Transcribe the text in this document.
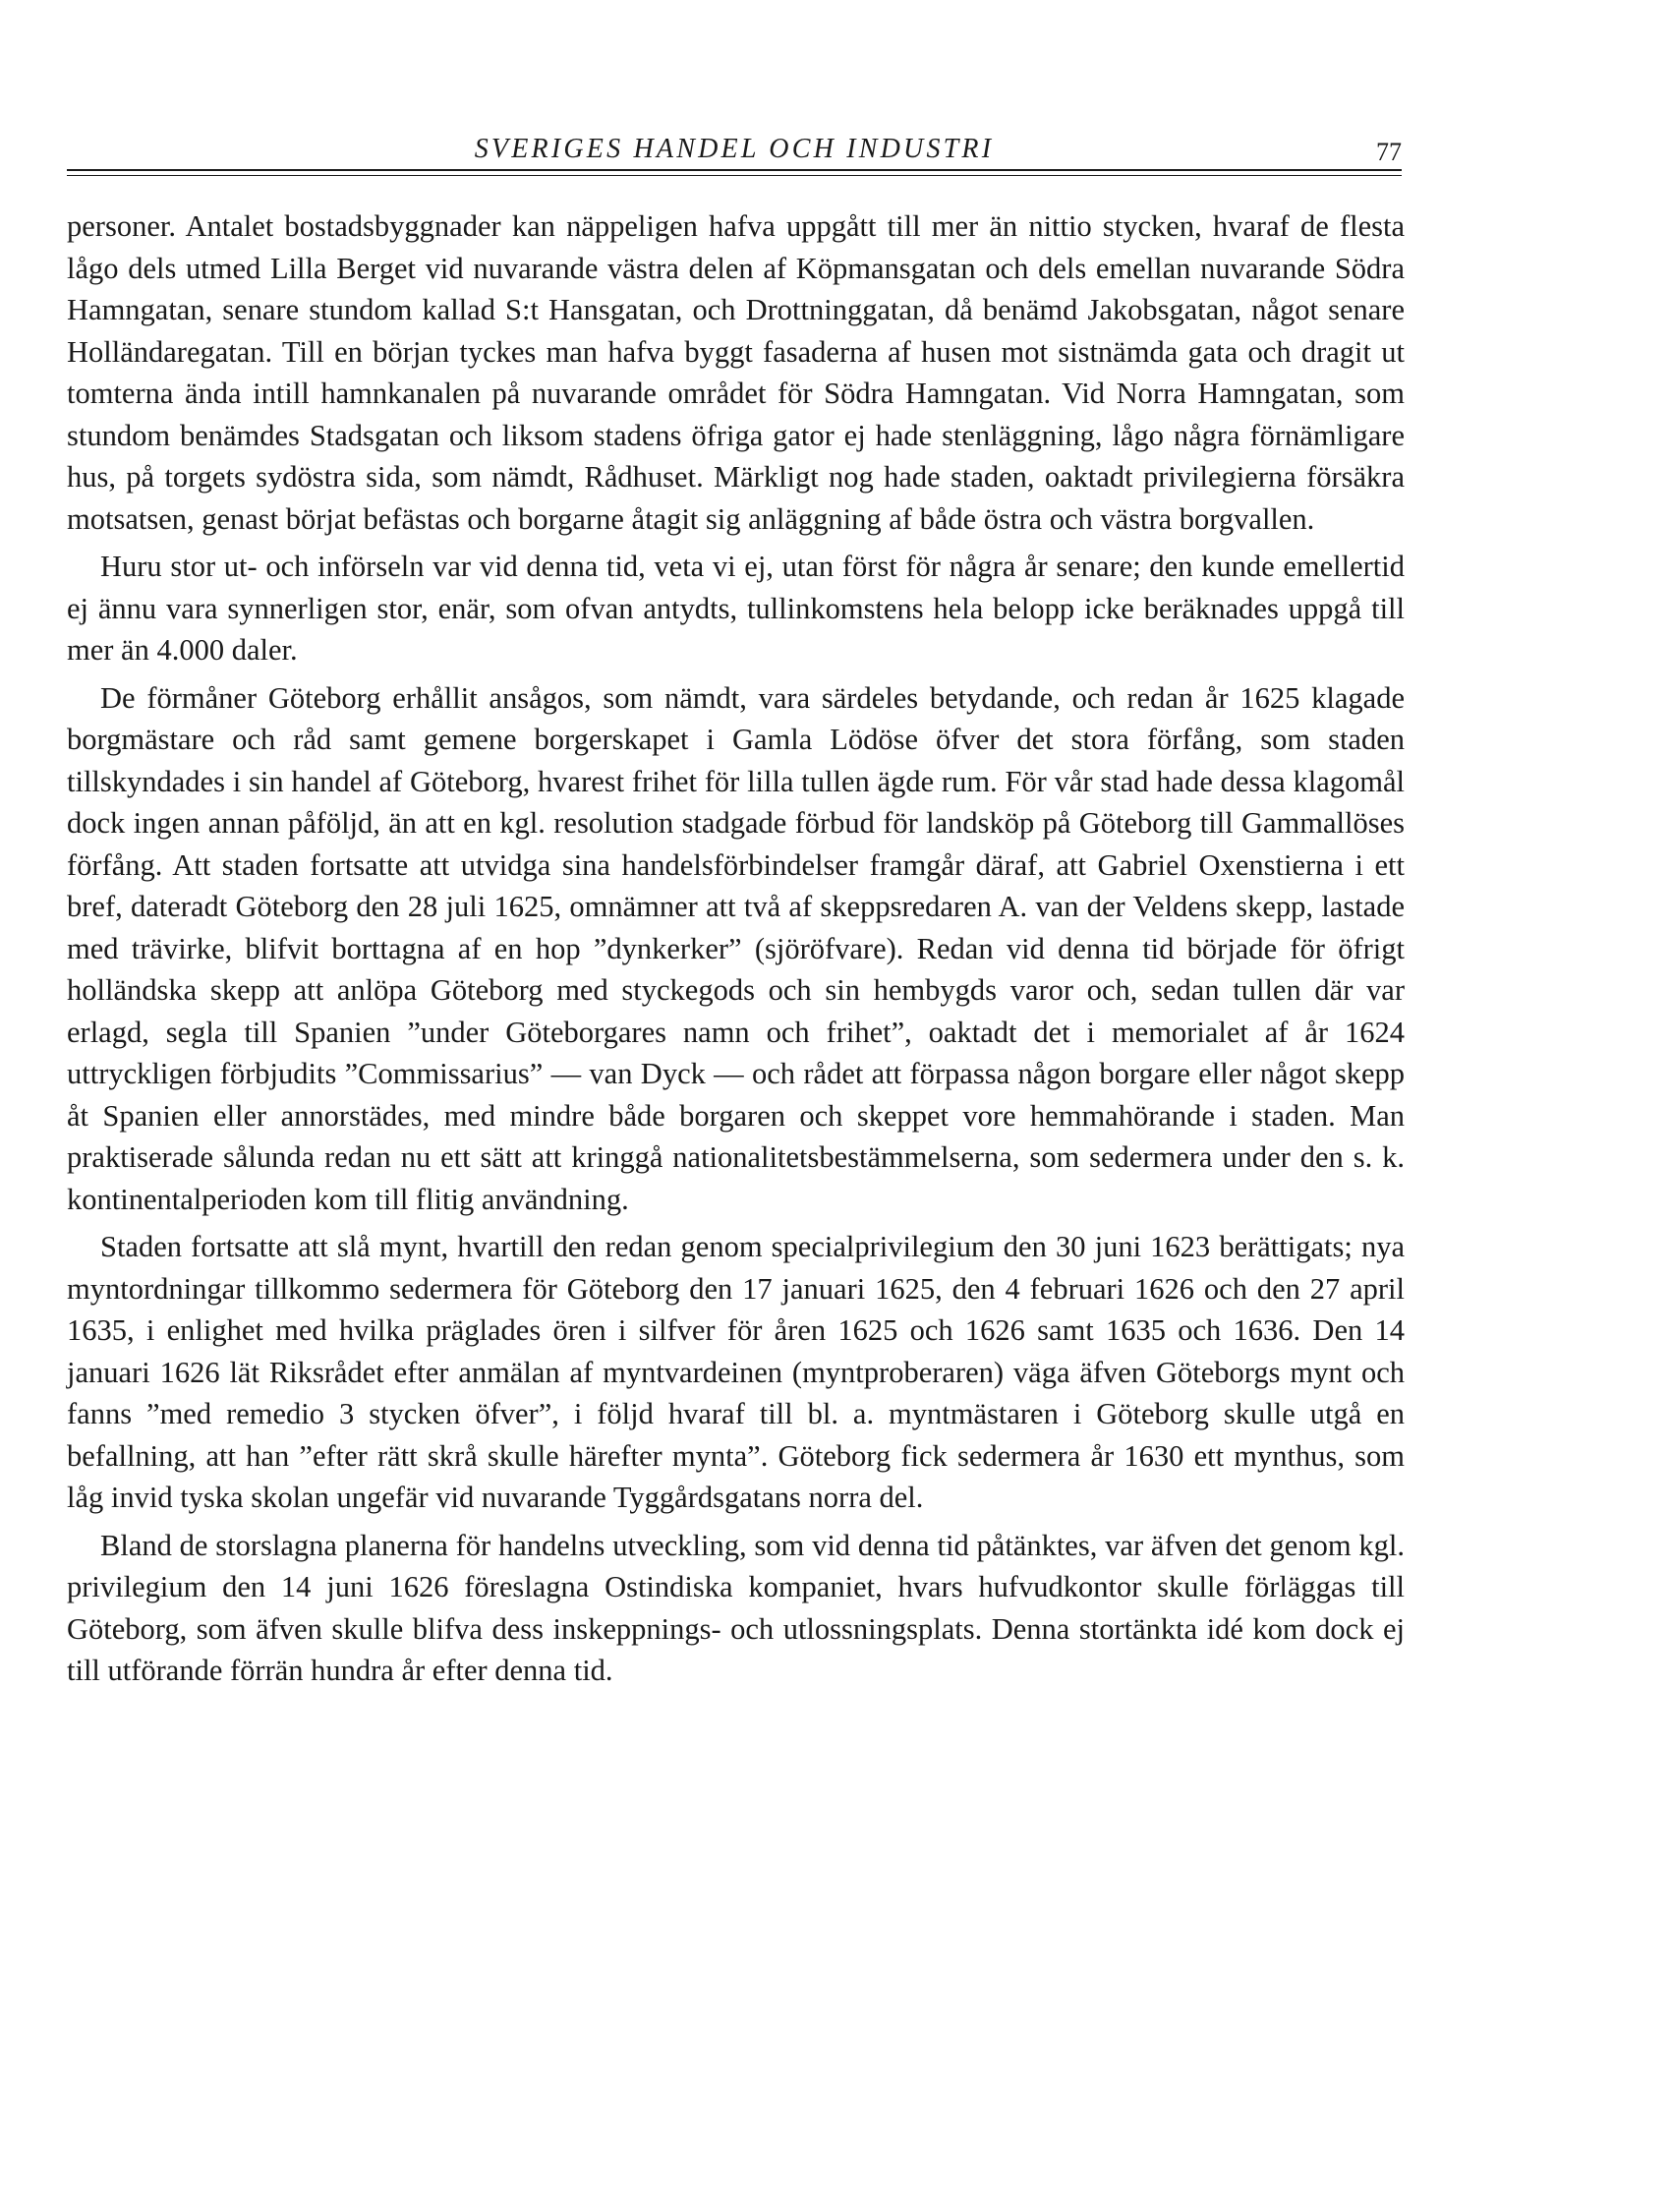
SVERIGES HANDEL OCH INDUSTRI	77

personer. Antalet bostadsbyggnader kan näppeligen hafva uppgått till mer än nittio stycken, hvaraf de flesta lågo dels utmed Lilla Berget vid nuvarande västra delen af Köpmansgatan och dels emellan nuvarande Södra Hamngatan, senare stundom kallad S:t Hansgatan, och Drottninggatan, då benämd Jakobsgatan, något senare Holländaregatan. Till en början tyckes man hafva byggt fasaderna af husen mot sistnämda gata och dragit ut tomterna ända intill hamnkanalen på nuvarande området för Södra Hamngatan. Vid Norra Hamngatan, som stundom benämdes Stadsgatan och liksom stadens öfriga gator ej hade stenläggning, lågo några förnämligare hus, på torgets sydöstra sida, som nämdt, Rådhuset. Märkligt nog hade staden, oaktadt privilegierna försäkra motsatsen, genast börjat befästas och borgarne åtagit sig anläggning af både östra och västra borgvallen.

Huru stor ut- och införseln var vid denna tid, veta vi ej, utan först för några år senare; den kunde emellertid ej ännu vara synnerligen stor, enär, som ofvan antydts, tullinkomstens hela belopp icke beräknades uppgå till mer än 4.000 daler.

De förmåner Göteborg erhållit ansågos, som nämdt, vara särdeles betydande, och redan år 1625 klagade borgmästare och råd samt gemene borgerskapet i Gamla Lödöse öfver det stora förfång, som staden tillskyndades i sin handel af Göteborg, hvarest frihet för lilla tullen ägde rum. För vår stad hade dessa klagomål dock ingen annan påföljd, än att en kgl. resolution stadgade förbud för landsköp på Göteborg till Gammallöses förfång. Att staden fortsatte att utvidga sina handelsförbindelser framgår däraf, att Gabriel Oxenstierna i ett bref, dateradt Göteborg den 28 juli 1625, omnämner att två af skeppsredaren A. van der Veldens skepp, lastade med trävirke, blifvit borttagna af en hop ”dynkerker” (sjöröfvare). Redan vid denna tid började för öfrigt holländska skepp att anlöpa Göteborg med styckegods och sin hembygds varor och, sedan tullen där var erlagd, segla till Spanien ”under Göteborgares namn och frihet”, oaktadt det i memorialet af år 1624 uttryckligen förbjudits ”Commissarius” — van Dyck — och rådet att förpassa någon borgare eller något skepp åt Spanien eller annorstädes, med mindre både borgaren och skeppet vore hemmahörande i staden. Man praktiserade sålunda redan nu ett sätt att kringgå nationalitetsbestämmelserna, som sedermera under den s. k. kontinentalperioden kom till flitig användning.

Staden fortsatte att slå mynt, hvartill den redan genom specialprivilegium den 30 juni 1623 berättigats; nya myntordningar tillkommo sedermera för Göteborg den 17 januari 1625, den 4 februari 1626 och den 27 april 1635, i enlighet med hvilka präglades ören i silfver för åren 1625 och 1626 samt 1635 och 1636. Den 14 januari 1626 lät Riksrådet efter anmälan af myntvardeinen (myntproberaren) väga äfven Göteborgs mynt och fanns ”med remedio 3 stycken öfver”, i följd hvaraf till bl. a. myntmästaren i Göteborg skulle utgå en befallning, att han ”efter rätt skrå skulle härefter mynta”. Göteborg fick sedermera år 1630 ett mynthus, som låg invid tyska skolan ungefär vid nuvarande Tyggårdsgatans norra del.

Bland de storslagna planerna för handelns utveckling, som vid denna tid påtänktes, var äfven det genom kgl. privilegium den 14 juni 1626 föreslagna Ostindiska kompaniet, hvars hufvudkontor skulle förläggas till Göteborg, som äfven skulle blifva dess inskeppnings- och utlossningsplats. Denna stortänkta idé kom dock ej till utförande förrän hundra år efter denna tid.
